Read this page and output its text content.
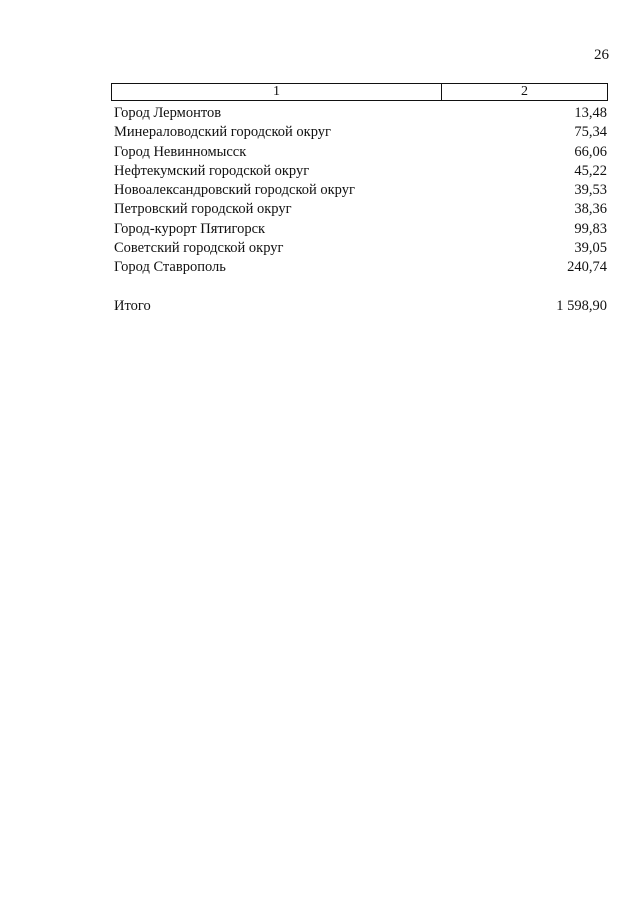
26
1	2
Город Лермонтов	13,48
Минераловодский городской округ	75,34
Город Невинномысск	66,06
Нефтекумский городской округ	45,22
Новоалександровский городской округ	39,53
Петровский городской округ	38,36
Город-курорт Пятигорск	99,83
Советский городской округ	39,05
Город Ставрополь	240,74
Итого	1 598,90
